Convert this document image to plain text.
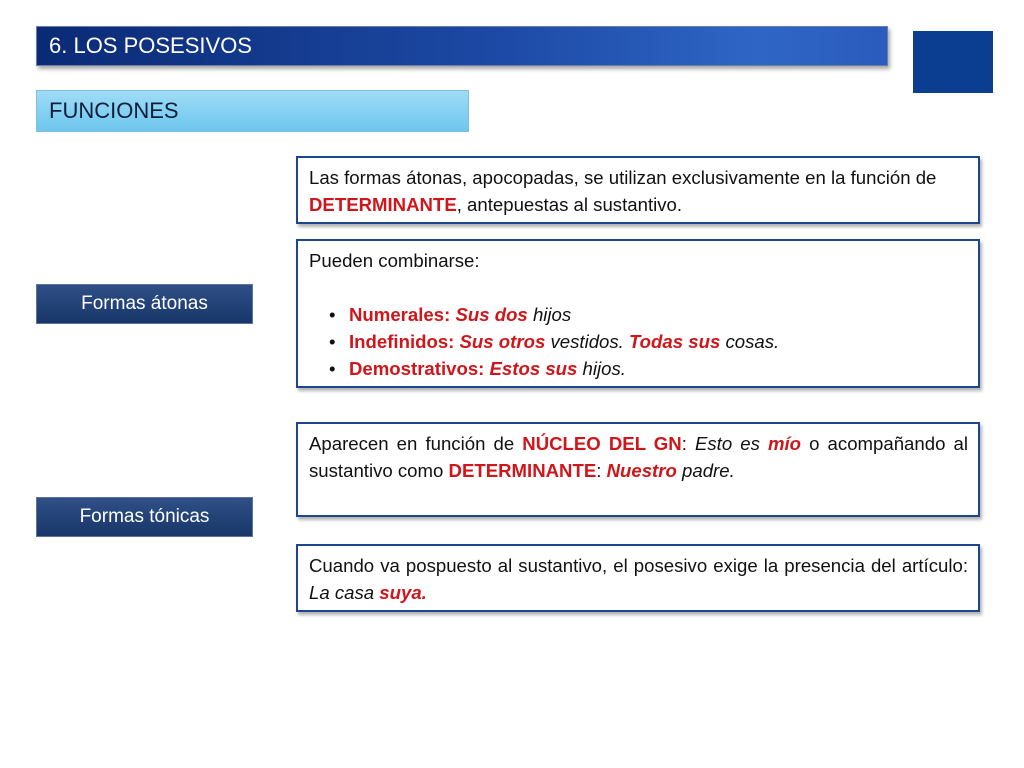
6. LOS POSESIVOS
FUNCIONES
Formas átonas
Formas tónicas
Las formas átonas, apocopadas, se utilizan exclusivamente en la función de DETERMINANTE, antepuestas al sustantivo.
Pueden combinarse:
• Numerales: Sus dos hijos
• Indefinidos: Sus otros vestidos. Todas sus cosas.
• Demostrativos: Estos sus hijos.
Aparecen en función de NÚCLEO DEL GN: Esto es mío o acompañando al sustantivo como DETERMINANTE: Nuestro padre.
Cuando va pospuesto al sustantivo, el posesivo exige la presencia del artículo: La casa suya.
